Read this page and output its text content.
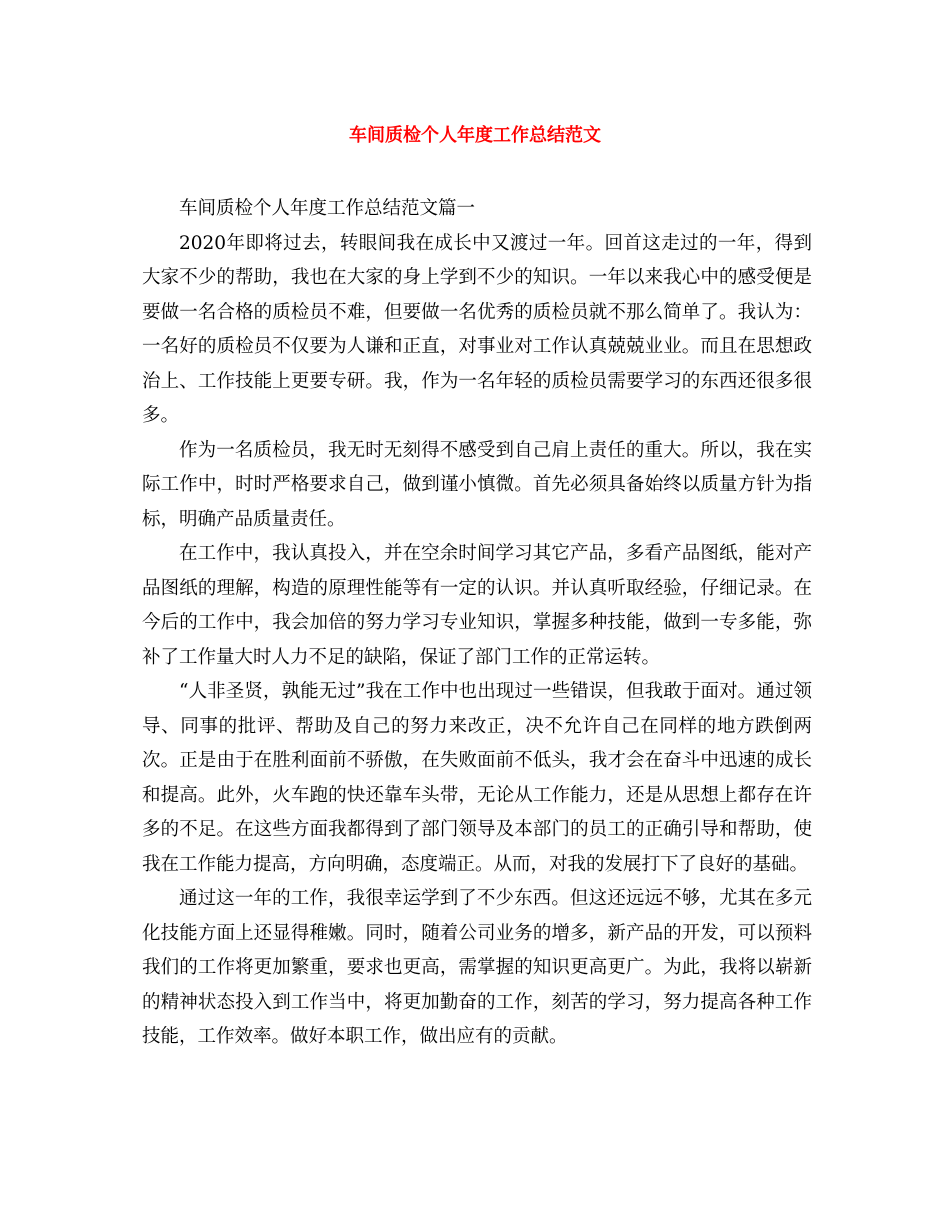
车间质检个人年度工作总结范文

车间质检个人年度工作总结范文篇一

2020年即将过去，转眼间我在成长中又渡过一年。回首这走过的一年，得到大家不少的帮助，我也在大家的身上学到不少的知识。一年以来我心中的感受便是要做一名合格的质检员不难，但要做一名优秀的质检员就不那么简单了。我认为：一名好的质检员不仅要为人谦和正直，对事业对工作认真兢兢业业。而且在思想政治上、工作技能上更要专研。我，作为一名年轻的质检员需要学习的东西还很多很多。

作为一名质检员，我无时无刻得不感受到自己肩上责任的重大。所以，我在实际工作中，时时严格要求自己，做到谨小慎微。首先必须具备始终以质量方针为指标，明确产品质量责任。

在工作中，我认真投入，并在空余时间学习其它产品，多看产品图纸，能对产品图纸的理解，构造的原理性能等有一定的认识。并认真听取经验，仔细记录。在今后的工作中，我会加倍的努力学习专业知识，掌握多种技能，做到一专多能，弥补了工作量大时人力不足的缺陷，保证了部门工作的正常运转。

“人非圣贤，孰能无过”我在工作中也出现过一些错误，但我敢于面对。通过领导、同事的批评、帮助及自己的努力来改正，决不允许自己在同样的地方跌倒两次。正是由于在胜利面前不骄傲，在失败面前不低头，我才会在奋斗中迅速的成长和提高。此外，火车跑的快还靠车头带，无论从工作能力，还是从思想上都存在许多的不足。在这些方面我都得到了部门领导及本部门的员工的正确引导和帮助，使我在工作能力提高，方向明确，态度端正。从而，对我的发展打下了良好的基础。

通过这一年的工作，我很幸运学到了不少东西。但这还远远不够，尤其在多元化技能方面上还显得稚嫩。同时，随着公司业务的增多，新产品的开发，可以预料我们的工作将更加繁重，要求也更高，需掌握的知识更高更广。为此，我将以崭新的精神状态投入到工作当中，将更加勤奋的工作，刻苦的学习，努力提高各种工作技能，工作效率。做好本职工作，做出应有的贡献。
